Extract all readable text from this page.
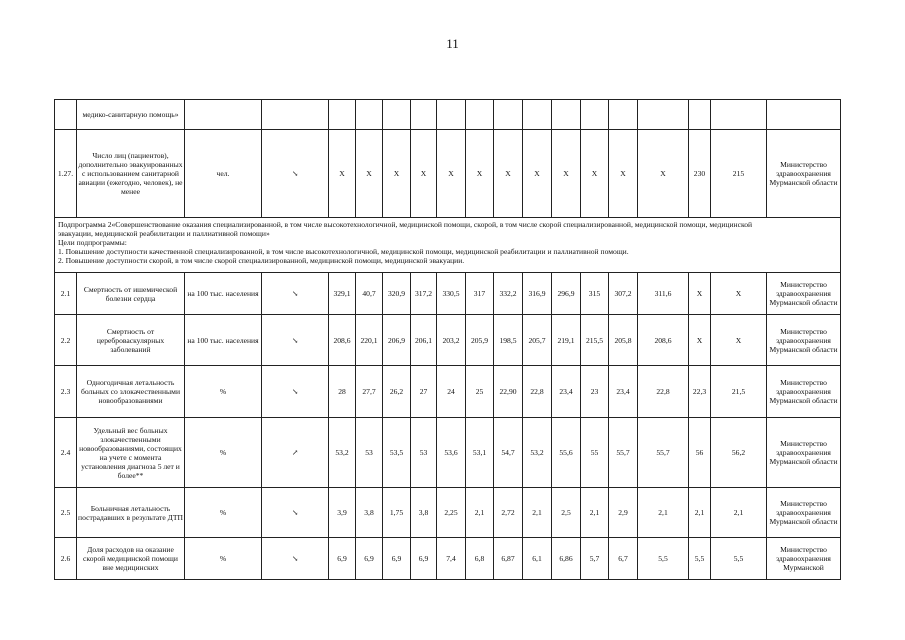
11
	медико-санитарную помощь»																	
1.27.	Число лиц (пациентов), дополнительно эвакуированных с использованием санитарной авиации (ежегодно, человек), не менее	чел.	↘	X	X	X	X	X	X	X	X	X	X	X	X	230	215	Министерство здравоохранения Мурманской области

Подпрограмма 2«Совершенствование оказания специализированной, в том числе высокотехнологичной, медицинской помощи, скорой, в том числе скорой специализированной, медицинской помощи, медицинской
эвакуации, медицинской реабилитации и паллиативной помощи»
Цели подпрограммы:
1. Повышение доступности качественной специализированной, в том числе высокотехнологичной, медицинской помощи, медицинской реабилитации и паллиативной помощи.
2. Повышение доступности скорой, в том числе скорой специализированной, медицинской помощи, медицинской эвакуации.																		

2.1	Смертность от ишемической болезни сердца	на 100 тыс. населения	↘	329,1	40,7	320,9	317,2	330,5	317	332,2	316,9	296,9	315	307,2	311,6	X	X	Министерство здравоохранения Мурманской области
2.2	Смертность от цереброваскулярных заболеваний	на 100 тыс. населения	↘	208,6	220,1	206,9	206,1	203,2	205,9	198,5	205,7	219,1	215,5	205,8	208,6	X	X	Министерство здравоохранения Мурманской области
2.3	Одногодичная летальность больных со злокачественными новообразованиями	%	↘	28	27,7	26,2	27	24	25	22,90	22,8	23,4	23	23,4	22,8	22,3	21,5	Министерство здравоохранения Мурманской области
2.4	Удельный вес больных злокачественными новообразованиями, состоящих на учете с момента установления диагноза 5 лет и более**	%	↗	53,2	53	53,5	53	53,6	53,1	54,7	53,2	55,6	55	55,7	55,7	56	56,2	Министерство здравоохранения Мурманской области
2.5	Больничная летальность пострадавших в результате ДТП	%	↘	3,9	3,8	1,75	3,8	2,25	2,1	2,72	2,1	2,5	2,1	2,9	2,1	2,1	2,1	Министерство здравоохранения Мурманской области
2.6	Доля расходов на оказание скорой медицинской помощи вне медицинских	%	↘	6,9	6,9	6,9	6,9	7,4	6,8	6,87	6,1	6,86	5,7	6,7	5,5	5,5	5,5	Министерство здравоохранения Мурманской
